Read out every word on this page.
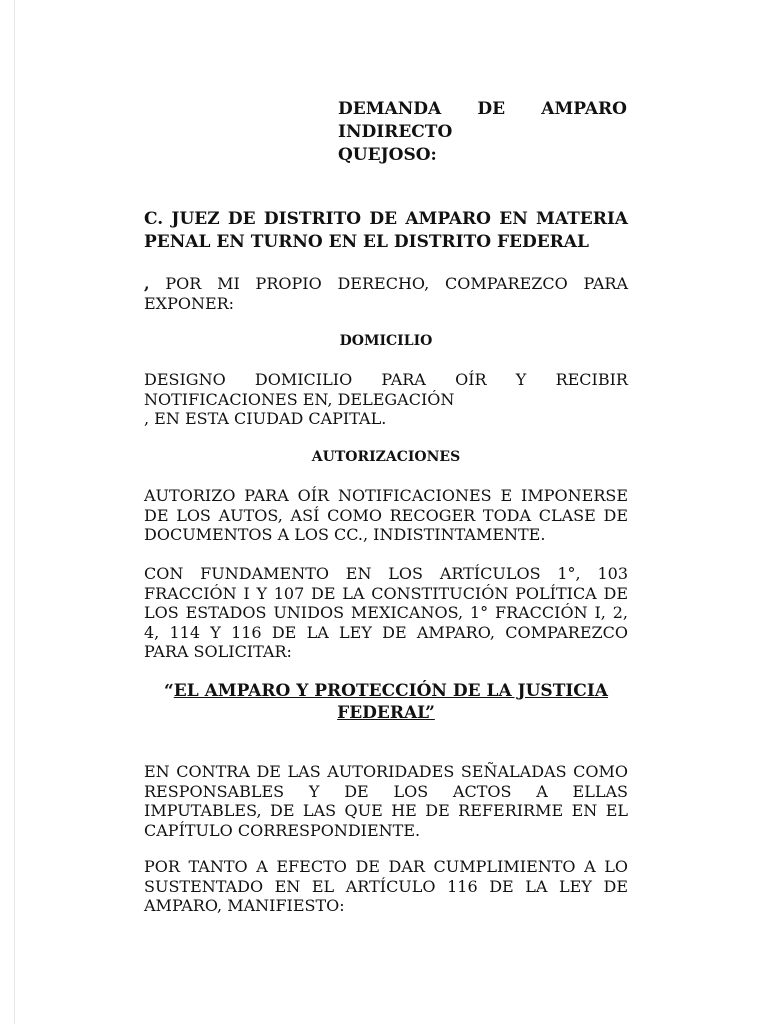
DEMANDA DE AMPARO
INDIRECTO
QUEJOSO:
C. JUEZ DE DISTRITO DE AMPARO EN MATERIA PENAL EN TURNO EN EL DISTRITO FEDERAL
, POR MI PROPIO DERECHO, COMPAREZCO PARA EXPONER:
DOMICILIO
DESIGNO DOMICILIO PARA OÍR Y RECIBIR
NOTIFICACIONES EN, DELEGACIÓN
, EN ESTA CIUDAD CAPITAL.
AUTORIZACIONES
AUTORIZO PARA OÍR NOTIFICACIONES E IMPONERSE DE LOS AUTOS, ASÍ COMO RECOGER TODA CLASE DE DOCUMENTOS A LOS CC., INDISTINTAMENTE.
CON FUNDAMENTO EN LOS ARTÍCULOS 1°, 103 FRACCIÓN I Y 107 DE LA CONSTITUCIÓN POLÍTICA DE LOS ESTADOS UNIDOS MEXICANOS, 1° FRACCIÓN I, 2, 4, 114 Y 116 DE LA LEY DE AMPARO, COMPAREZCO PARA SOLICITAR:
“EL AMPARO Y PROTECCIÓN DE LA JUSTICIA
FEDERAL”
EN CONTRA DE LAS AUTORIDADES SEÑALADAS COMO RESPONSABLES Y DE LOS ACTOS A ELLAS IMPUTABLES, DE LAS QUE HE DE REFERIRME EN EL CAPÍTULO CORRESPONDIENTE.
POR TANTO A EFECTO DE DAR CUMPLIMIENTO A LO SUSTENTADO EN EL ARTÍCULO 116 DE LA LEY DE AMPARO, MANIFIESTO:
